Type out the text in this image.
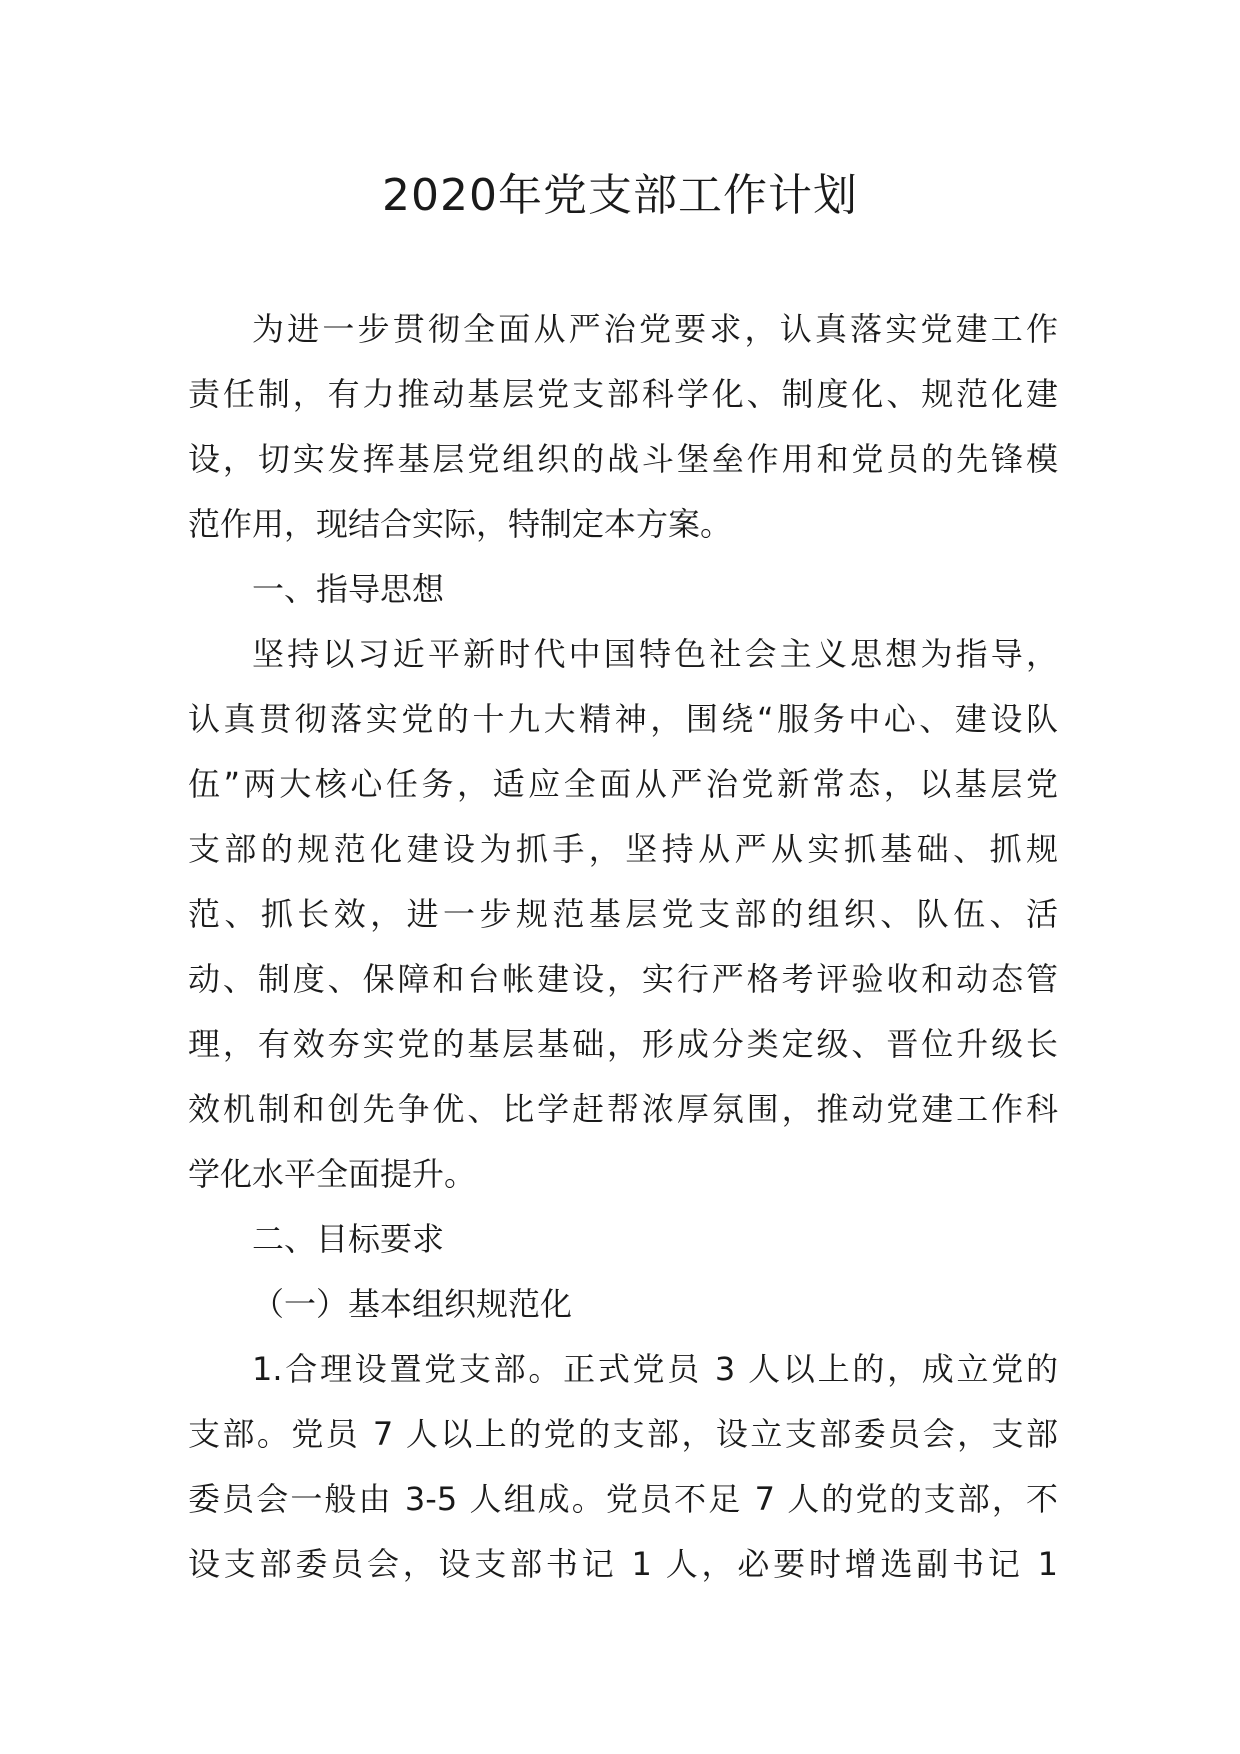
2020年党支部工作计划
为进一步贯彻全面从严治党要求，认真落实党建工作
责任制，有力推动基层党支部科学化、制度化、规范化建
设，切实发挥基层党组织的战斗堡垒作用和党员的先锋模
范作用，现结合实际，特制定本方案。
一、指导思想
坚持以习近平新时代中国特色社会主义思想为指导，
认真贯彻落实党的十九大精神，围绕“服务中心、建设队
伍”两大核心任务，适应全面从严治党新常态，以基层党
支部的规范化建设为抓手，坚持从严从实抓基础、抓规
范、抓长效，进一步规范基层党支部的组织、队伍、活
动、制度、保障和台帐建设，实行严格考评验收和动态管
理，有效夯实党的基层基础，形成分类定级、晋位升级长
效机制和创先争优、比学赶帮浓厚氛围，推动党建工作科
学化水平全面提升。
二、目标要求
（一）基本组织规范化
1.合理设置党支部。正式党员 3 人以上的，成立党的
支部。党员 7 人以上的党的支部，设立支部委员会，支部
委员会一般由 3-5 人组成。党员不足 7 人的党的支部，不
设支部委员会，设支部书记 1 人，必要时增选副书记 1
